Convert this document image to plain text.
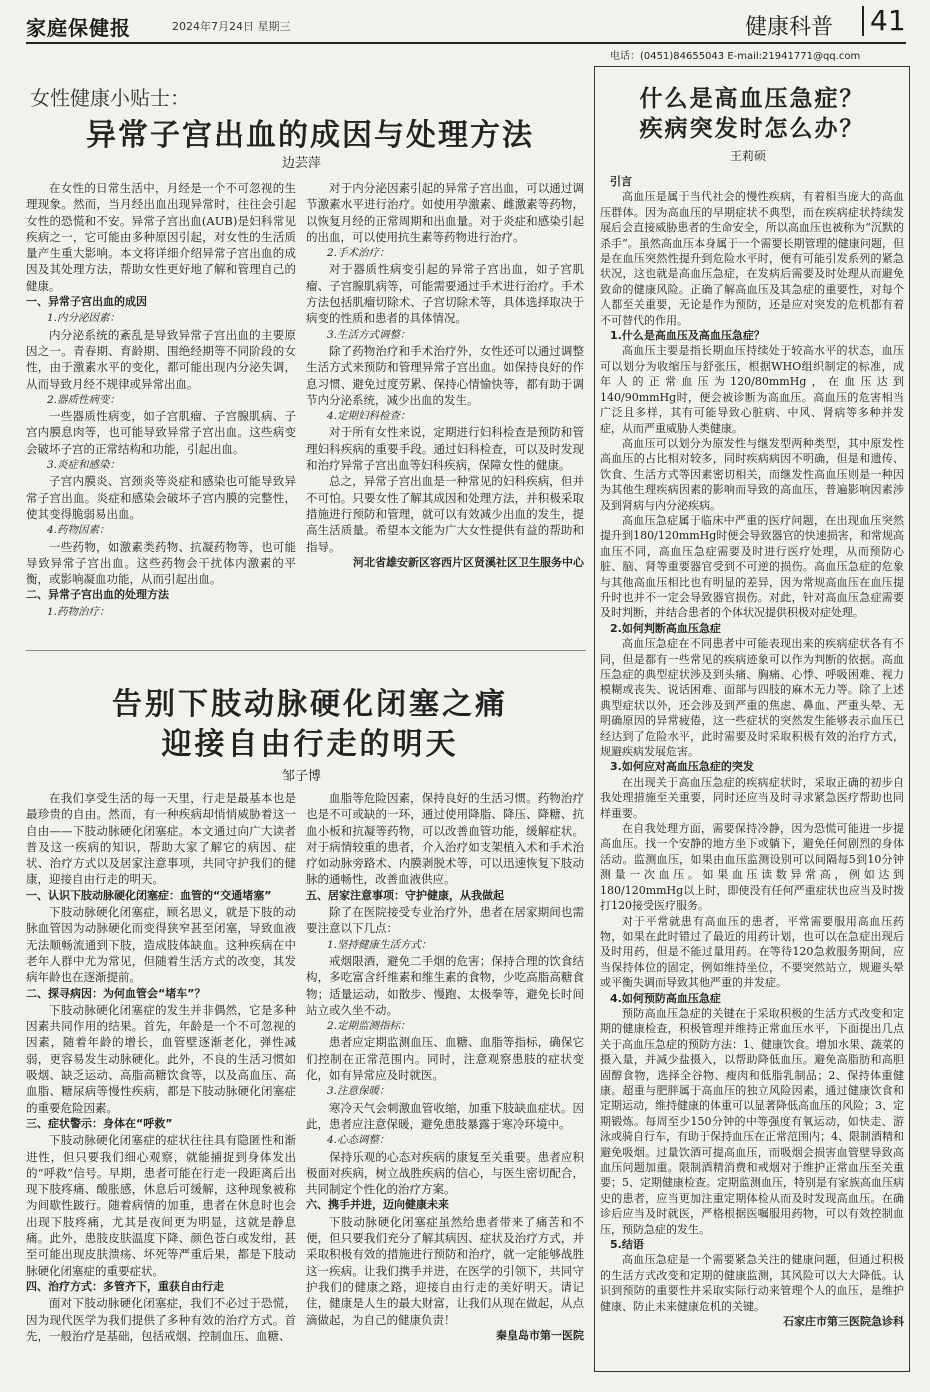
家庭保健报	2024年7月24日 星期三	健康科普 41
电话：(0451)84655043 E-mail:21941771@qq.com
女性健康小贴士：
异常子宫出血的成因与处理方法
边芸萍

在女性的日常生活中，月经是一个不可忽视的生理现象。然而，当月经出血出现异常时，往往会引起女性的恐慌和不安。异常子宫出血(AUB)是妇科常见疾病之一，它可能由多种原因引起，对女性的生活质量产生重大影响。本文将详细介绍异常子宫出血的成因及其处理方法，帮助女性更好地了解和管理自己的健康。

一、异常子宫出血的成因

1.内分泌因素：

内分泌系统的紊乱是导致异常子宫出血的主要原因之一。青春期、育龄期、围绝经期等不同阶段的女性，由于激素水平的变化，都可能出现内分泌失调，从而导致月经不规律或异常出血。

2.器质性病变：

一些器质性病变，如子宫肌瘤、子宫腺肌病、子宫内膜息肉等，也可能导致异常子宫出血。这些病变会破坏子宫的正常结构和功能，引起出血。

3.炎症和感染：

子宫内膜炎、宫颈炎等炎症和感染也可能导致异常子宫出血。炎症和感染会破坏子宫内膜的完整性，使其变得脆弱易出血。

4.药物因素：

一些药物，如激素类药物、抗凝药物等，也可能导致异常子宫出血。这些药物会干扰体内激素的平衡，或影响凝血功能，从而引起出血。

二、异常子宫出血的处理方法

1.药物治疗：

对于内分泌因素引起的异常子宫出血，可以通过调节激素水平进行治疗。如使用孕激素、雌激素等药物，以恢复月经的正常周期和出血量。对于炎症和感染引起的出血，可以使用抗生素等药物进行治疗。

2.手术治疗：

对于器质性病变引起的异常子宫出血，如子宫肌瘤、子宫腺肌病等，可能需要通过手术进行治疗。手术方法包括肌瘤切除术、子宫切除术等，具体选择取决于病变的性质和患者的具体情况。

3.生活方式调整：

除了药物治疗和手术治疗外，女性还可以通过调整生活方式来预防和管理异常子宫出血。如保持良好的作息习惯、避免过度劳累、保持心情愉快等，都有助于调节内分泌系统，减少出血的发生。

4.定期妇科检查：

对于所有女性来说，定期进行妇科检查是预防和管理妇科疾病的重要手段。通过妇科检查，可以及时发现和治疗异常子宫出血等妇科疾病，保障女性的健康。

总之，异常子宫出血是一种常见的妇科疾病，但并不可怕。只要女性了解其成因和处理方法，并积极采取措施进行预防和管理，就可以有效减少出血的发生，提高生活质量。希望本文能为广大女性提供有益的帮助和指导。

河北省雄安新区容西片区贤溪社区卫生服务中心

告别下肢动脉硬化闭塞之痛
迎接自由行走的明天
邹子博

在我们享受生活的每一天里，行走是最基本也是最珍贵的自由。然而，有一种疾病却悄悄威胁着这一自由——下肢动脉硬化闭塞症。本文通过向广大读者普及这一疾病的知识，帮助大家了解它的病因、症状、治疗方式以及居家注意事项，共同守护我们的健康，迎接自由行走的明天。

一、认识下肢动脉硬化闭塞症：血管的“交通堵塞”

下肢动脉硬化闭塞症，顾名思义，就是下肢的动脉血管因为动脉硬化而变得狭窄甚至闭塞，导致血液无法顺畅流通到下肢，造成肢体缺血。这种疾病在中老年人群中尤为常见，但随着生活方式的改变，其发病年龄也在逐渐提前。

二、探寻病因：为何血管会“堵车”？

下肢动脉硬化闭塞症的发生并非偶然，它是多种因素共同作用的结果。首先，年龄是一个不可忽视的因素，随着年龄的增长，血管壁逐渐老化，弹性减弱，更容易发生动脉硬化。此外，不良的生活习惯如吸烟、缺乏运动、高脂高糖饮食等，以及高血压、高血脂、糖尿病等慢性疾病，都是下肢动脉硬化闭塞症的重要危险因素。

三、症状警示：身体在“呼救”

下肢动脉硬化闭塞症的症状往往具有隐匿性和渐进性，但只要我们细心观察，就能捕捉到身体发出的“呼救”信号。早期，患者可能在行走一段距离后出现下肢疼痛、酸胀感，休息后可缓解，这种现象被称为间歇性跛行。随着病情的加重，患者在休息时也会出现下肢疼痛，尤其是夜间更为明显，这就是静息痛。此外，患肢皮肤温度下降、颜色苍白或发绀，甚至可能出现皮肤溃疡、坏死等严重后果，都是下肢动脉硬化闭塞症的重要症状。

四、治疗方式：多管齐下，重获自由行走

面对下肢动脉硬化闭塞症，我们不必过于恐慌，因为现代医学为我们提供了多种有效的治疗方式。首先，一般治疗是基础，包括戒烟、控制血压、血糖、

血脂等危险因素，保持良好的生活习惯。药物治疗也是不可或缺的一环，通过使用降脂、降压、降糖、抗血小板和抗凝等药物，可以改善血管功能，缓解症状。对于病情较重的患者，介入治疗如支架植入术和手术治疗如动脉旁路术、内膜剥脱术等，可以迅速恢复下肢动脉的通畅性，改善血液供应。

五、居家注意事项：守护健康，从我做起

除了在医院接受专业治疗外，患者在居家期间也需要注意以下几点：

1.坚持健康生活方式：

戒烟限酒，避免二手烟的危害；保持合理的饮食结构，多吃富含纤维素和维生素的食物，少吃高脂高糖食物；适量运动，如散步、慢跑、太极拳等，避免长时间站立或久坐不动。

2.定期监测指标：

患者应定期监测血压、血糖、血脂等指标，确保它们控制在正常范围内。同时，注意观察患肢的症状变化，如有异常应及时就医。

3.注意保暖：

寒冷天气会刺激血管收缩，加重下肢缺血症状。因此，患者应注意保暖，避免患肢暴露于寒冷环境中。

4.心态调整：

保持乐观的心态对疾病的康复至关重要。患者应积极面对疾病，树立战胜疾病的信心，与医生密切配合，共同制定个性化的治疗方案。

六、携手并进，迈向健康未来

下肢动脉硬化闭塞症虽然给患者带来了痛苦和不便，但只要我们充分了解其病因、症状及治疗方式，并采取积极有效的措施进行预防和治疗，就一定能够战胜这一疾病。让我们携手并进，在医学的引领下，共同守护我们的健康之路，迎接自由行走的美好明天。请记住，健康是人生的最大财富，让我们从现在做起，从点滴做起，为自己的健康负责！

秦皇岛市第一医院

什么是高血压急症？
疾病突发时怎么办？
王莉硕

引言

高血压是属于当代社会的慢性疾病，有着相当庞大的高血压群体。因为高血压的早期症状不典型，而在疾病症状持续发展后会直接威胁患者的生命安全，所以高血压也被称为“沉默的杀手”。虽然高血压本身属于一个需要长期管理的健康问题，但是在血压突然性提升到危险水平时，便有可能引发系列的紧急状况，这也就是高血压急症，在发病后需要及时处理从而避免致命的健康风险。正确了解高血压及其急症的重要性，对每个人都至关重要，无论是作为预防，还是应对突发的危机都有着不可替代的作用。

1.什么是高血压及高血压急症？

高血压主要是指长期血压持续处于较高水平的状态，血压可以划分为收缩压与舒张压，根据WHO组织制定的标准，成年人的正常血压为120/80mmHg，在血压达到140/90mmHg时，便会被诊断为高血压。高血压的危害相当广泛且多样，其有可能导致心脏病、中风、肾病等多种并发症，从而严重威胁人类健康。

高血压可以划分为原发性与继发型两种类型，其中原发性高血压的占比相对较多，同时疾病病因不明确，但是和遗传、饮食、生活方式等因素密切相关，而继发性高血压则是一种因为其他生理疾病因素的影响而导致的高血压，普遍影响因素涉及到肾病与内分泌疾病。

高血压急症属于临床中严重的医疗问题，在出现血压突然提升到180/120mmHg时便会导致器官的快速损害，和常规高血压不同，高血压急症需要及时进行医疗处理，从而预防心脏、脑、肾等重要器官受到不可逆的损伤。高血压急症的危象与其他高血压相比也有明显的差异，因为常规高血压在血压提升时也并不一定会导致器官损伤。对此，针对高血压急症需要及时判断，并结合患者的个体状况提供积极对症处理。

2.如何判断高血压急症

高血压急症在不同患者中可能表现出来的疾病症状各有不同，但是都有一些常见的疾病迹象可以作为判断的依据。高血压急症的典型症状涉及到头痛、胸痛、心悸、呼吸困难、视力模糊或丧失、说话困难、面部与四肢的麻木无力等。除了上述典型症状以外，还会涉及到严重的焦虑、鼻血、严重头晕、无明确原因的异常疲倦，这一些症状的突然发生能够表示血压已经达到了危险水平，此时需要及时采取积极有效的治疗方式，规避疾病发展危害。

3.如何应对高血压急症的突发

在出现关于高血压急症的疾病症状时，采取正确的初步自我处理措施至关重要，同时还应当及时寻求紧急医疗帮助也同样重要。

在自我处理方面，需要保持冷静，因为恐慌可能进一步提高血压。找一个安静的地方坐下或躺下，避免任何剧烈的身体活动。监测血压，如果由血压监测设别可以间隔每5到10分钟测量一次血压。如果血压读数异常高，例如达到180/120mmHg以上时，即使没有任何严重症状也应当及时拨打120接受医疗服务。

对于平常就患有高血压的患者，平常需要服用高血压药物，如果在此时错过了最近的用药计划，也可以在急症出现后及时用药，但是不能过量用药。在等待120急救服务期间，应当保持体位的固定，例如维持坐位，不要突然站立，规避头晕或平衡失调而导致其他严重的并发症。

4.如何预防高血压急症

预防高血压急症的关键在于采取积极的生活方式改变和定期的健康检查，积极管理并维持正常血压水平，下面提出几点关于高血压急症的预防方法：1、健康饮食。增加水果、蔬菜的摄入量，并减少盐摄入，以帮助降低血压。避免高脂肪和高胆固醇食物，选择全谷物、瘦肉和低脂乳制品；2、保持体重健康。超重与肥胖属于高血压的独立风险因素，通过健康饮食和定期运动，维持健康的体重可以显著降低高血压的风险；3、定期锻炼。每周至少150分钟的中等强度有氧运动，如快走、游泳或骑自行车，有助于保持血压在正常范围内；4、限制酒精和避免吸烟。过量饮酒可提高血压，而吸烟会损害血管壁导致高血压问题加重。限制酒精消费和戒烟对于维护正常血压至关重要；5、定期健康检查。定期监测血压，特别是有家族高血压病史的患者，应当更加注重定期体检从而及时发现高血压。在确诊后应当及时就医，严格根据医嘱服用药物，可以有效控制血压，预防急症的发生。

5.结语

高血压急症是一个需要紧急关注的健康问题，但通过积极的生活方式改变和定期的健康监测，其风险可以大大降低。认识到预防的重要性并采取实际行动来管理个人的血压，是维护健康、防止未来健康危机的关键。

石家庄市第三医院急诊科
